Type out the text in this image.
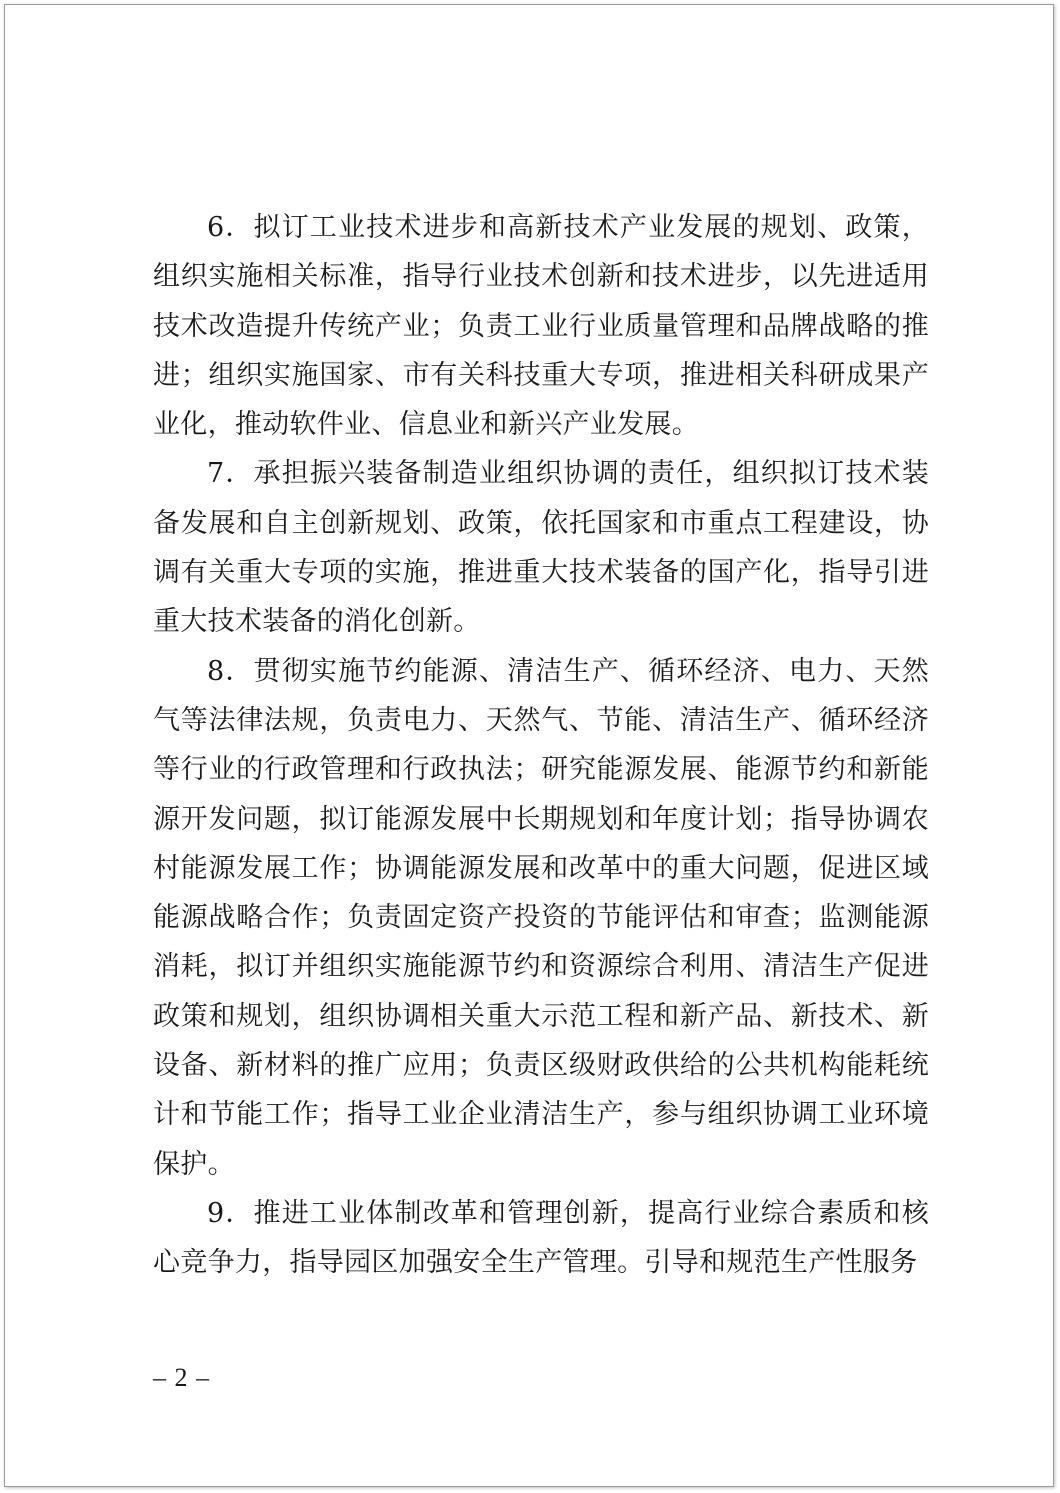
6．拟订工业技术进步和高新技术产业发展的规划、政策，组织实施相关标准，指导行业技术创新和技术进步，以先进适用技术改造提升传统产业；负责工业行业质量管理和品牌战略的推进；组织实施国家、市有关科技重大专项，推进相关科研成果产业化，推动软件业、信息业和新兴产业发展。

7．承担振兴装备制造业组织协调的责任，组织拟订技术装备发展和自主创新规划、政策，依托国家和市重点工程建设，协调有关重大专项的实施，推进重大技术装备的国产化，指导引进重大技术装备的消化创新。

8．贯彻实施节约能源、清洁生产、循环经济、电力、天然气等法律法规，负责电力、天然气、节能、清洁生产、循环经济等行业的行政管理和行政执法；研究能源发展、能源节约和新能源开发问题，拟订能源发展中长期规划和年度计划；指导协调农村能源发展工作；协调能源发展和改革中的重大问题，促进区域能源战略合作；负责固定资产投资的节能评估和审查；监测能源消耗，拟订并组织实施能源节约和资源综合利用、清洁生产促进政策和规划，组织协调相关重大示范工程和新产品、新技术、新设备、新材料的推广应用；负责区级财政供给的公共机构能耗统计和节能工作；指导工业企业清洁生产，参与组织协调工业环境保护。

9．推进工业体制改革和管理创新，提高行业综合素质和核心竞争力，指导园区加强安全生产管理。引导和规范生产性服务

– 2 –
